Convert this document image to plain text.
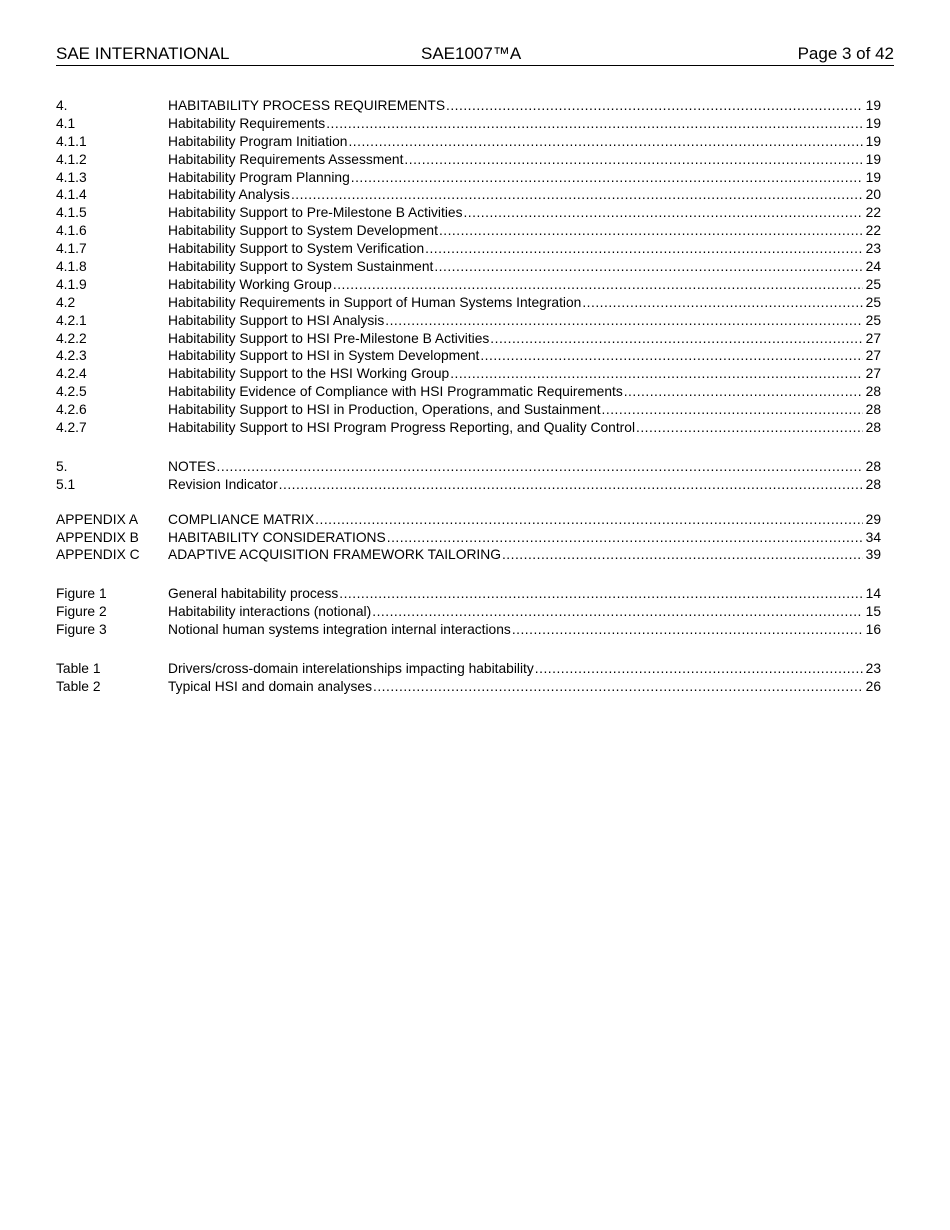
SAE INTERNATIONAL	SAE1007™A	Page 3 of 42
4.	HABITABILITY PROCESS REQUIREMENTS .....	19
4.1	Habitability Requirements .....	19
4.1.1	Habitability Program Initiation .....	19
4.1.2	Habitability Requirements Assessment .....	19
4.1.3	Habitability Program Planning .....	19
4.1.4	Habitability Analysis .....	20
4.1.5	Habitability Support to Pre-Milestone B Activities .....	22
4.1.6	Habitability Support to System Development .....	22
4.1.7	Habitability Support to System Verification .....	23
4.1.8	Habitability Support to System Sustainment .....	24
4.1.9	Habitability Working Group .....	25
4.2	Habitability Requirements in Support of Human Systems Integration .....	25
4.2.1	Habitability Support to HSI Analysis .....	25
4.2.2	Habitability Support to HSI Pre-Milestone B Activities .....	27
4.2.3	Habitability Support to HSI in System Development .....	27
4.2.4	Habitability Support to the HSI Working Group .....	27
4.2.5	Habitability Evidence of Compliance with HSI Programmatic Requirements .....	28
4.2.6	Habitability Support to HSI in Production, Operations, and Sustainment .....	28
4.2.7	Habitability Support to HSI Program Progress Reporting, and Quality Control .....	28
5.	NOTES .....	28
5.1	Revision Indicator .....	28
APPENDIX A	COMPLIANCE MATRIX .....	29
APPENDIX B	HABITABILITY CONSIDERATIONS .....	34
APPENDIX C	ADAPTIVE ACQUISITION FRAMEWORK TAILORING .....	39
Figure 1	General habitability process .....	14
Figure 2	Habitability interactions (notional) .....	15
Figure 3	Notional human systems integration internal interactions .....	16
Table 1	Drivers/cross-domain interelationships impacting habitability .....	23
Table 2	Typical HSI and domain analyses .....	26
